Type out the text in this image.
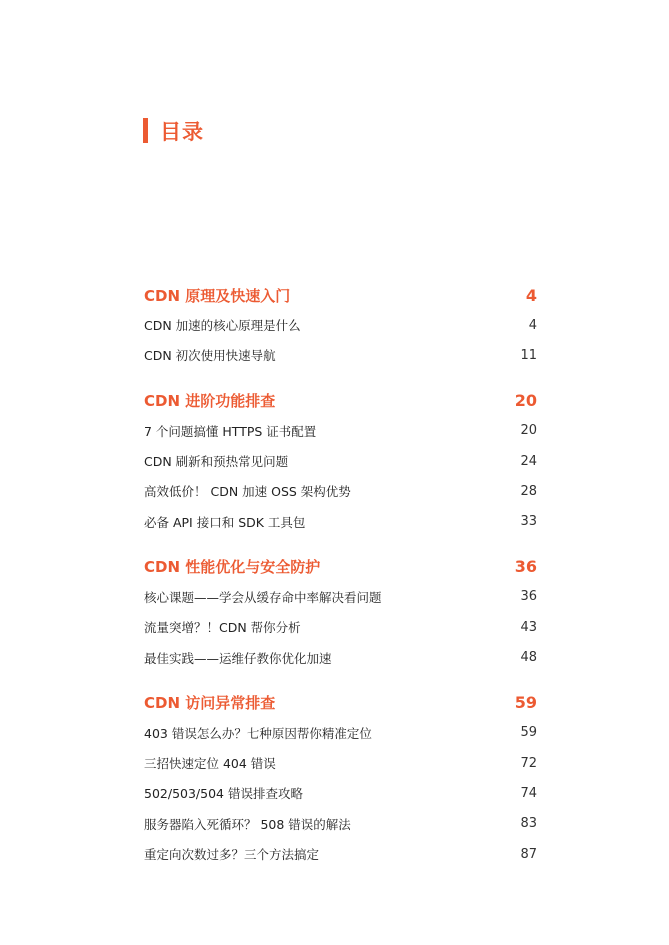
目录
CDN 原理及快速入门	4
CDN 加速的核心原理是什么	4
CDN 初次使用快速导航	11
CDN 进阶功能排查	20
7 个问题搞懂 HTTPS 证书配置	20
CDN 刷新和预热常见问题	24
高效低价！ CDN 加速 OSS 架构优势	28
必备 API 接口和 SDK 工具包	33
CDN 性能优化与安全防护	36
核心课题——学会从缓存命中率解决看问题	36
流量突增？！CDN 帮你分析	43
最佳实践——运维仔教你优化加速	48
CDN 访问异常排查	59
403 错误怎么办？七种原因帮你精准定位	59
三招快速定位 404 错误	72
502/503/504 错误排查攻略	74
服务器陷入死循环？ 508 错误的解法	83
重定向次数过多？三个方法搞定	87
